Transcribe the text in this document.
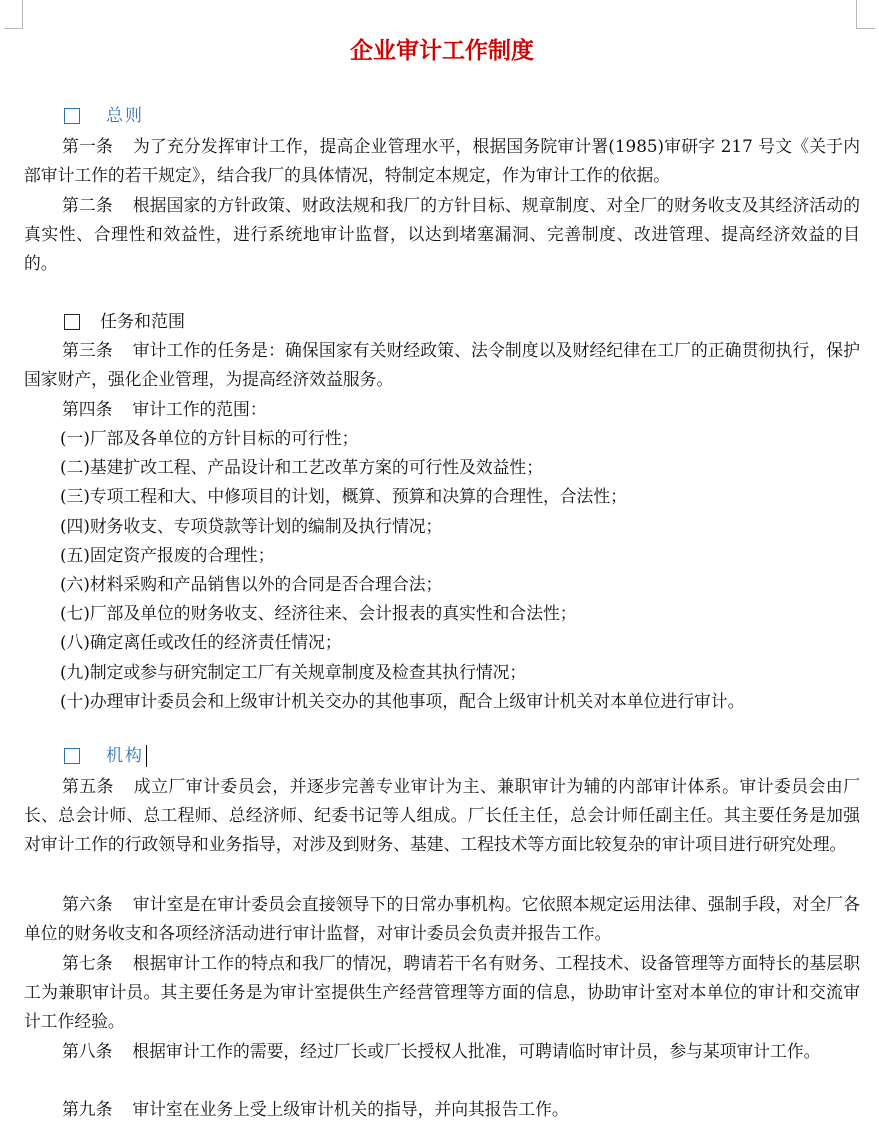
企业审计工作制度
总则
第一条 为了充分发挥审计工作，提高企业管理水平，根据国务院审计署(1985)审研字 217 号文《关于内部审计工作的若干规定》，结合我厂的具体情况，特制定本规定，作为审计工作的依据。
第二条 根据国家的方针政策、财政法规和我厂的方针目标、规章制度、对全厂的财务收支及其经济活动的真实性、合理性和效益性，进行系统地审计监督，以达到堵塞漏洞、完善制度、改进管理、提高经济效益的目的。
任务和范围
第三条 审计工作的任务是：确保国家有关财经政策、法令制度以及财经纪律在工厂的正确贯彻执行，保护国家财产，强化企业管理，为提高经济效益服务。
第四条 审计工作的范围：
(一)厂部及各单位的方针目标的可行性；
(二)基建扩改工程、产品设计和工艺改革方案的可行性及效益性；
(三)专项工程和大、中修项目的计划，概算、预算和决算的合理性，合法性；
(四)财务收支、专项贷款等计划的编制及执行情况；
(五)固定资产报废的合理性；
(六)材料采购和产品销售以外的合同是否合理合法；
(七)厂部及单位的财务收支、经济往来、会计报表的真实性和合法性；
(八)确定离任或改任的经济责任情况；
(九)制定或参与研究制定工厂有关规章制度及检查其执行情况；
(十)办理审计委员会和上级审计机关交办的其他事项，配合上级审计机关对本单位进行审计。
机构
第五条 成立厂审计委员会，并逐步完善专业审计为主、兼职审计为辅的内部审计体系。审计委员会由厂长、总会计师、总工程师、总经济师、纪委书记等人组成。厂长任主任，总会计师任副主任。其主要任务是加强对审计工作的行政领导和业务指导，对涉及到财务、基建、工程技术等方面比较复杂的审计项目进行研究处理。
第六条 审计室是在审计委员会直接领导下的日常办事机构。它依照本规定运用法律、强制手段，对全厂各单位的财务收支和各项经济活动进行审计监督，对审计委员会负责并报告工作。
第七条 根据审计工作的特点和我厂的情况，聘请若干名有财务、工程技术、设备管理等方面特长的基层职工为兼职审计员。其主要任务是为审计室提供生产经营管理等方面的信息，协助审计室对本单位的审计和交流审计工作经验。
第八条 根据审计工作的需要，经过厂长或厂长授权人批准，可聘请临时审计员，参与某项审计工作。
第九条 审计室在业务上受上级审计机关的指导，并向其报告工作。
